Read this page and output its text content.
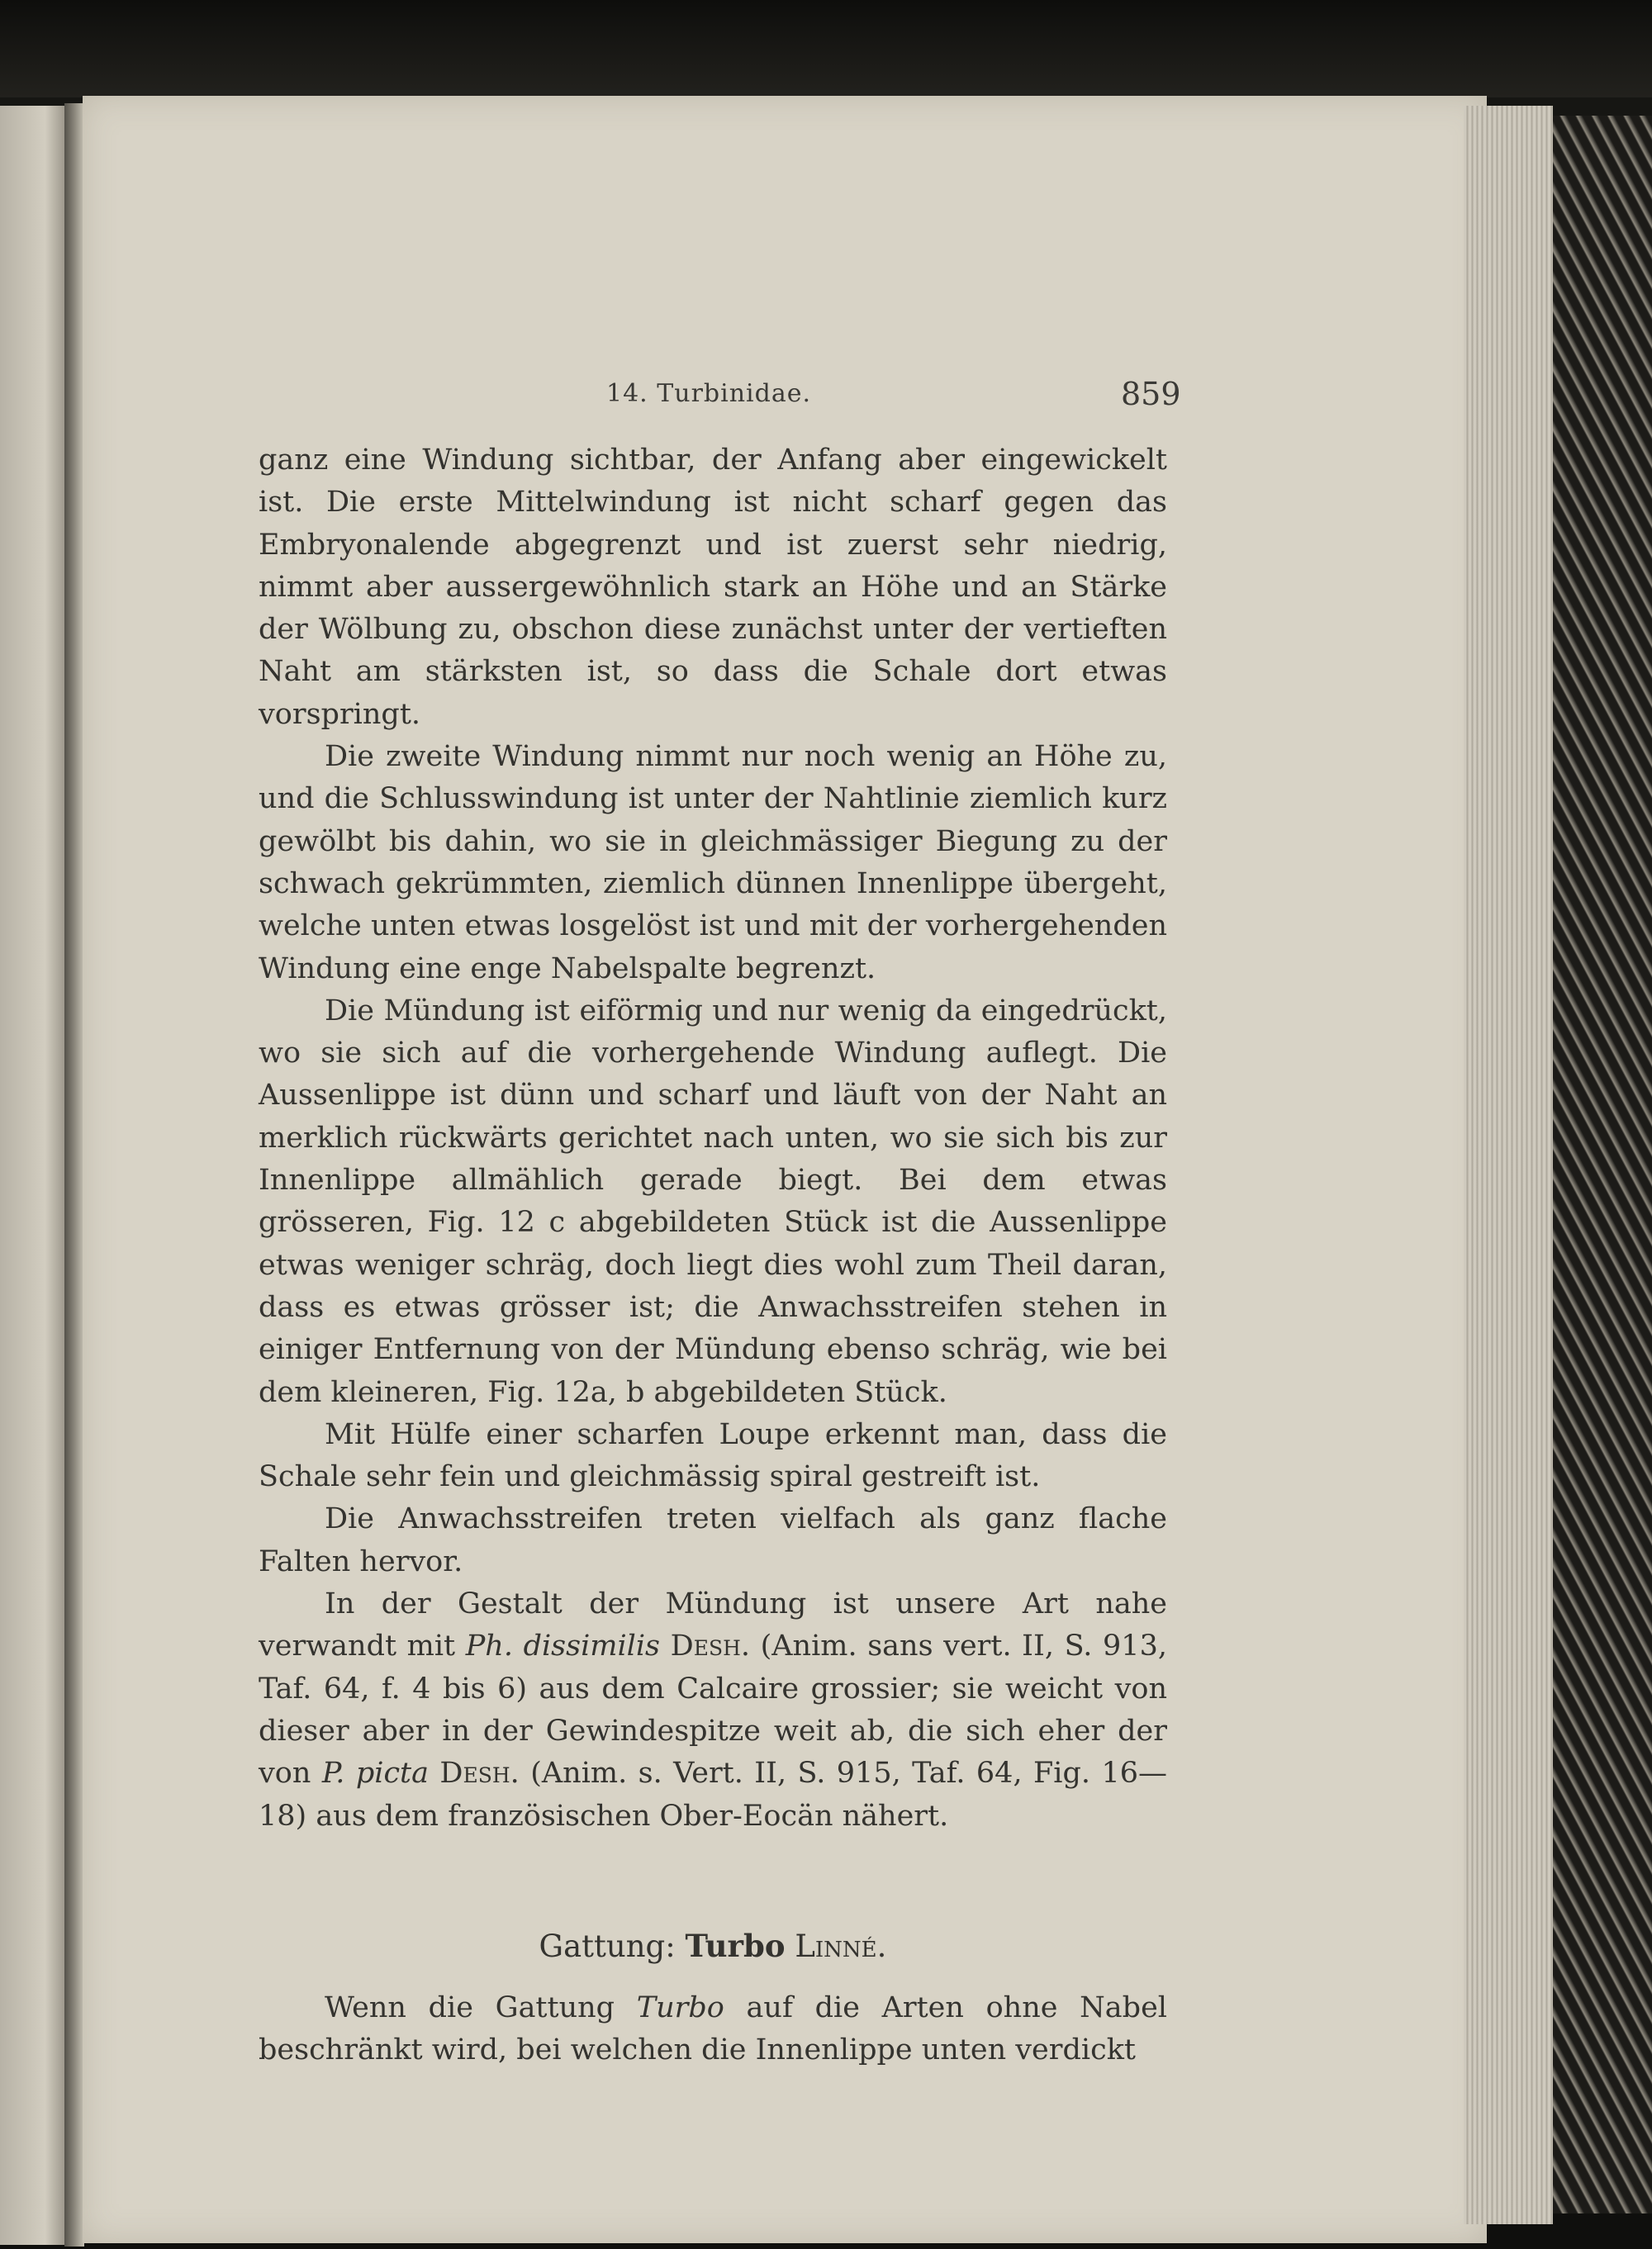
14. Turbinidae.	859

ganz eine Windung sichtbar, der Anfang aber eingewickelt ist. Die erste Mittelwindung ist nicht scharf gegen das Embryonalende abgegrenzt und ist zuerst sehr niedrig, nimmt aber aussergewöhnlich stark an Höhe und an Stärke der Wölbung zu, obschon diese zunächst unter der vertieften Naht am stärksten ist, so dass die Schale dort etwas vorspringt.

Die zweite Windung nimmt nur noch wenig an Höhe zu, und die Schlusswindung ist unter der Nahtlinie ziemlich kurz gewölbt bis dahin, wo sie in gleichmässiger Biegung zu der schwach gekrümmten, ziemlich dünnen Innenlippe übergeht, welche unten etwas losgelöst ist und mit der vorhergehenden Windung eine enge Nabelspalte begrenzt.

Die Mündung ist eiförmig und nur wenig da eingedrückt, wo sie sich auf die vorhergehende Windung auflegt. Die Aussenlippe ist dünn und scharf und läuft von der Naht an merklich rückwärts gerichtet nach unten, wo sie sich bis zur Innenlippe allmählich gerade biegt. Bei dem etwas grösseren, Fig. 12 c abgebildeten Stück ist die Aussenlippe etwas weniger schräg, doch liegt dies wohl zum Theil daran, dass es etwas grösser ist; die Anwachsstreifen stehen in einiger Entfernung von der Mündung ebenso schräg, wie bei dem kleineren, Fig. 12a, b abgebildeten Stück.

Mit Hülfe einer scharfen Loupe erkennt man, dass die Schale sehr fein und gleichmässig spiral gestreift ist.

Die Anwachsstreifen treten vielfach als ganz flache Falten hervor.

In der Gestalt der Mündung ist unsere Art nahe verwandt mit Ph. dissimilis Desh. (Anim. sans vert. II, S. 913, Taf. 64, f. 4 bis 6) aus dem Calcaire grossier; sie weicht von dieser aber in der Gewindespitze weit ab, die sich eher der von P. picta Desh. (Anim. s. Vert. II, S. 915, Taf. 64, Fig. 16—18) aus dem französischen Ober-Eocän nähert.

Gattung: Turbo Linné.

Wenn die Gattung Turbo auf die Arten ohne Nabel beschränkt wird, bei welchen die Innenlippe unten verdickt
